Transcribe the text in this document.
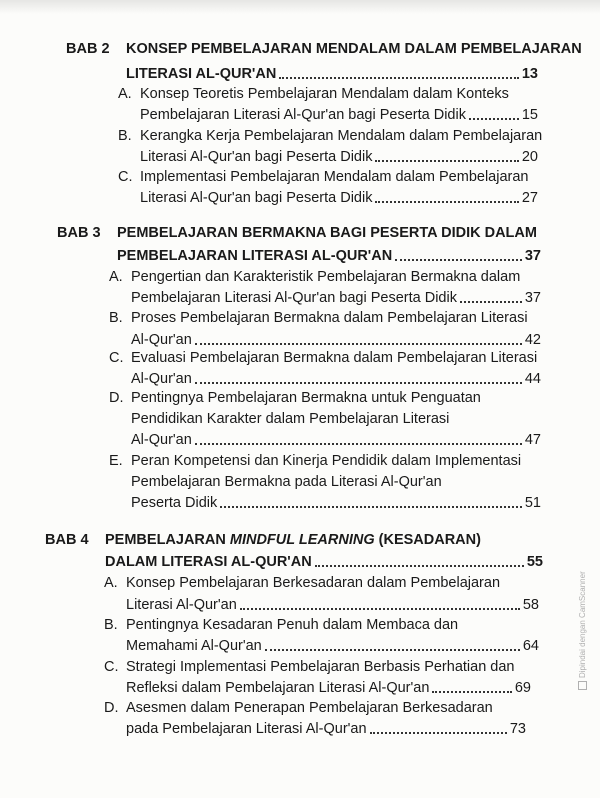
BAB 2	KONSEP PEMBELAJARAN MENDALAM DALAM PEMBELAJARAN
LITERASI AL-QUR'AN	13
A. Konsep Teoretis Pembelajaran Mendalam dalam Konteks
Pembelajaran Literasi Al-Qur'an bagi Peserta Didik	15
B. Kerangka Kerja Pembelajaran Mendalam dalam Pembelajaran
Literasi Al-Qur'an bagi Peserta Didik	20
C. Implementasi Pembelajaran Mendalam dalam Pembelajaran
Literasi Al-Qur'an bagi Peserta Didik	27
BAB 3	PEMBELAJARAN BERMAKNA BAGI PESERTA DIDIK DALAM
PEMBELAJARAN LITERASI AL-QUR'AN	37
A. Pengertian dan Karakteristik Pembelajaran Bermakna dalam
Pembelajaran Literasi Al-Qur'an bagi Peserta Didik	37
B. Proses Pembelajaran Bermakna dalam Pembelajaran Literasi
Al-Qur'an	42
C. Evaluasi Pembelajaran Bermakna dalam Pembelajaran Literasi
Al-Qur'an	44
D. Pentingnya Pembelajaran Bermakna untuk Penguatan
Pendidikan Karakter dalam Pembelajaran Literasi
Al-Qur'an	47
E. Peran Kompetensi dan Kinerja Pendidik dalam Implementasi
Pembelajaran Bermakna pada Literasi Al-Qur'an
Peserta Didik	51
BAB 4	PEMBELAJARAN MINDFUL LEARNING (KESADARAN)
DALAM LITERASI AL-QUR'AN	55
A. Konsep Pembelajaran Berkesadaran dalam Pembelajaran
Literasi Al-Qur'an	58
B. Pentingnya Kesadaran Penuh dalam Membaca dan
Memahami Al-Qur'an	64
C. Strategi Implementasi Pembelajaran Berbasis Perhatian dan
Refleksi dalam Pembelajaran Literasi Al-Qur'an	69
D. Asesmen dalam Penerapan Pembelajaran Berkesadaran
pada Pembelajaran Literasi Al-Qur'an	73
Dipindai dengan CamScanner
